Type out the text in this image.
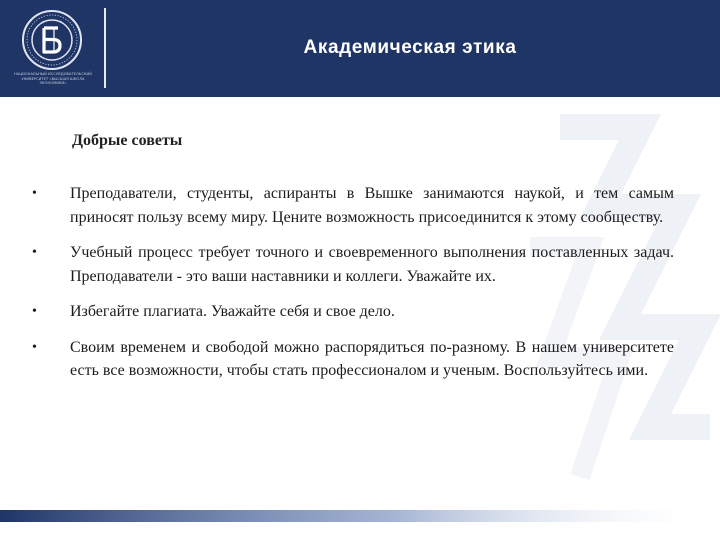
НАЦИОНАЛЬНЫЙ ИССЛЕДОВАТЕЛЬСКИЙ УНИВЕРСИТЕТ «ВЫСШАЯ ШКОЛА ЭКОНОМИКИ»
Академическая этика
Добрые советы
• Преподаватели, студенты, аспиранты в Вышке занимаются наукой, и тем самым приносят пользу всему миру. Цените возможность присоединится к этому сообществу.
• Учебный процесс требует точного и своевременного выполнения поставленных задач. Преподаватели - это ваши наставники и коллеги. Уважайте их.
• Избегайте плагиата. Уважайте себя и свое дело.
• Своим временем и свободой можно распорядиться по-разному. В нашем университете есть все возможности, чтобы стать профессионалом и ученым. Воспользуйтесь ими.
